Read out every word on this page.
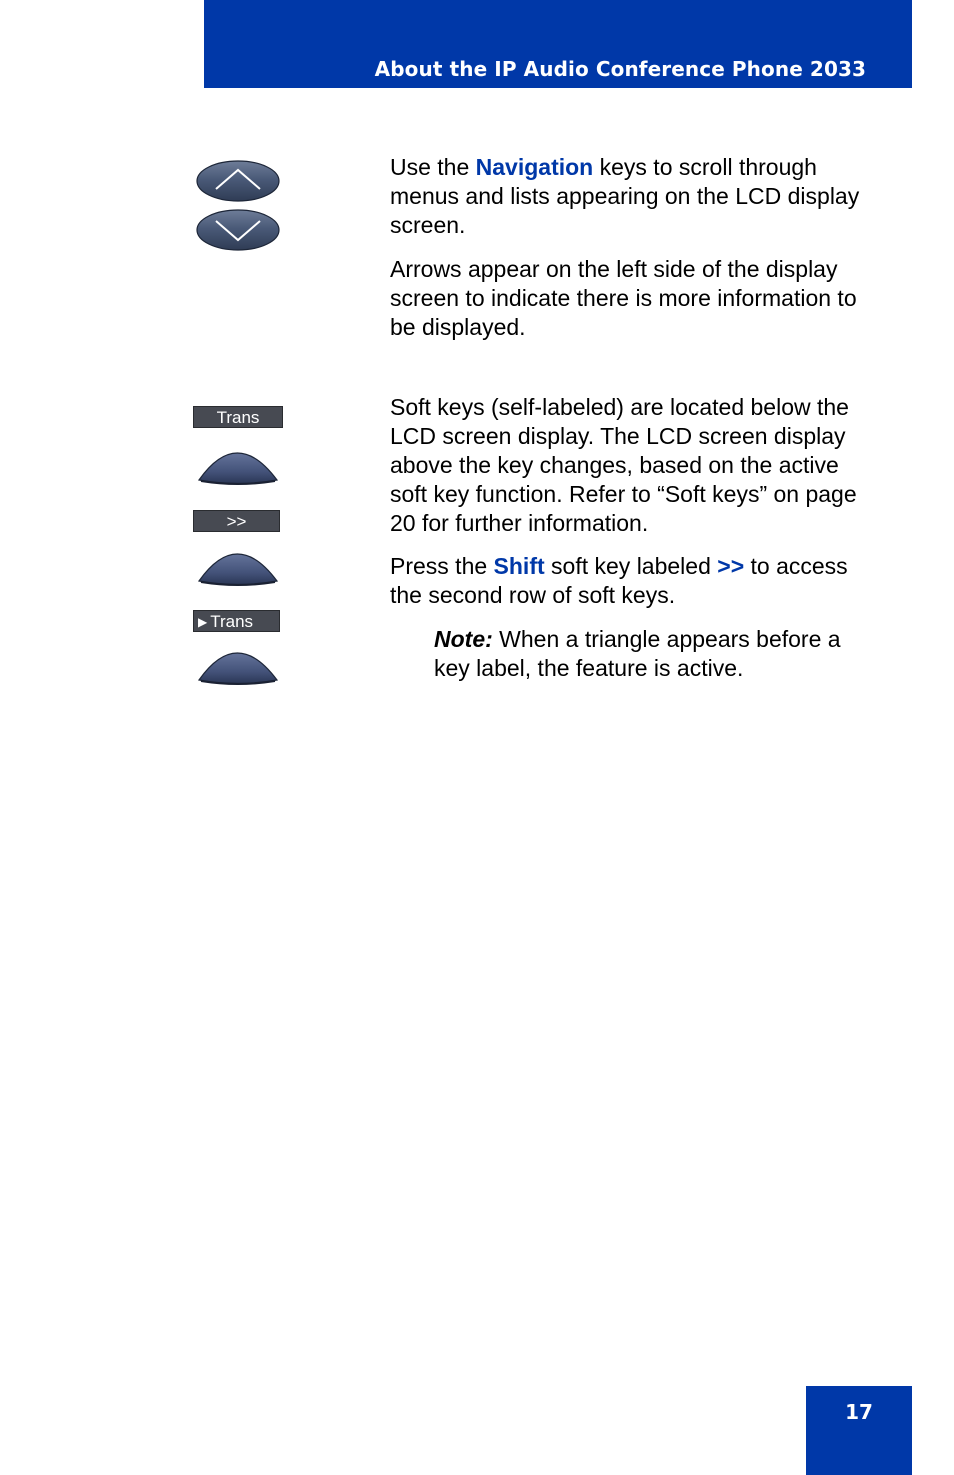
About the IP Audio Conference Phone 2033

Use the Navigation keys to scroll through menus and lists appearing on the LCD display screen.

Arrows appear on the left side of the display screen to indicate there is more information to be displayed.

Trans
>>
▶ Trans

Soft keys (self-labeled) are located below the LCD screen display. The LCD screen display above the key changes, based on the active soft key function. Refer to “Soft keys” on page 20 for further information.

Press the Shift soft key labeled >> to access the second row of soft keys.

Note: When a triangle appears before a key label, the feature is active.
17
